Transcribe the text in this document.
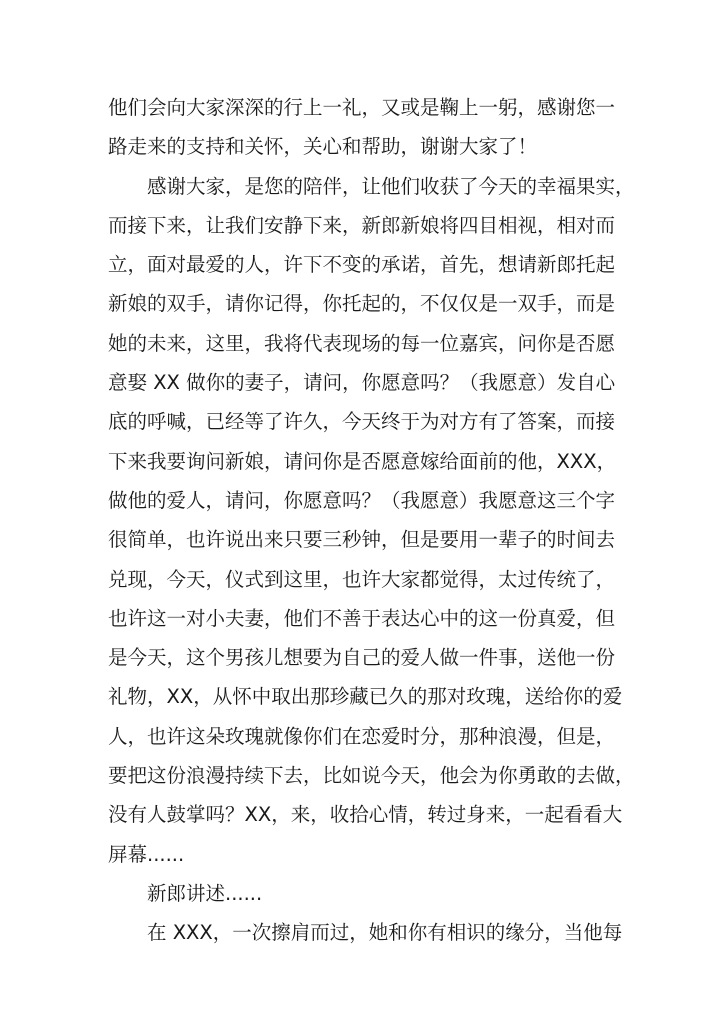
他们会向大家深深的行上一礼，又或是鞠上一躬，感谢您一
路走来的支持和关怀，关心和帮助，谢谢大家了！
感谢大家，是您的陪伴，让他们收获了今天的幸福果实，
而接下来，让我们安静下来，新郎新娘将四目相视，相对而
立，面对最爱的人，许下不变的承诺，首先，想请新郎托起
新娘的双手，请你记得，你托起的，不仅仅是一双手，而是
她的未来，这里，我将代表现场的每一位嘉宾，问你是否愿
意娶 XX 做你的妻子，请问，你愿意吗？（我愿意）发自心
底的呼喊，已经等了许久，今天终于为对方有了答案，而接
下来我要询问新娘，请问你是否愿意嫁给面前的他，XXX，
做他的爱人，请问，你愿意吗？（我愿意）我愿意这三个字
很简单，也许说出来只要三秒钟，但是要用一辈子的时间去
兑现，今天，仪式到这里，也许大家都觉得，太过传统了，
也许这一对小夫妻，他们不善于表达心中的这一份真爱，但
是今天，这个男孩儿想要为自己的爱人做一件事，送他一份
礼物，XX，从怀中取出那珍藏已久的那对玫瑰，送给你的爱
人，也许这朵玫瑰就像你们在恋爱时分，那种浪漫，但是，
要把这份浪漫持续下去，比如说今天，他会为你勇敢的去做，
没有人鼓掌吗？XX，来，收拾心情，转过身来，一起看看大
屏幕......
新郎讲述......
在 XXX，一次擦肩而过，她和你有相识的缘分，当他每
